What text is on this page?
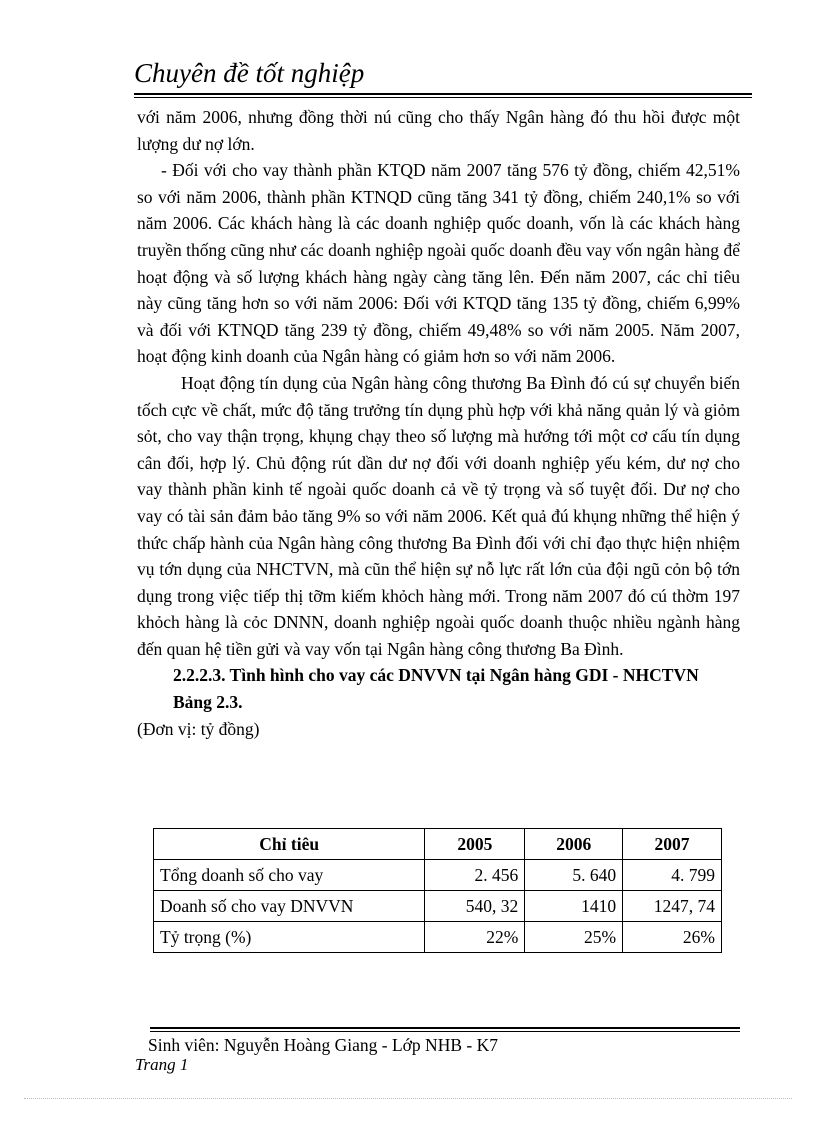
Chuyên đề tốt nghiệp

với năm 2006, nhưng đồng thời nú cũng cho thấy Ngân hàng đó thu hồi được một lượng dư nợ lớn.

- Đối với cho vay thành phần KTQD năm 2007 tăng 576 tỷ đồng, chiếm 42,51% so với năm 2006, thành phần KTNQD cũng tăng 341 tỷ đồng, chiếm 240,1% so với năm 2006. Các khách hàng là các doanh nghiệp quốc doanh, vốn là các khách hàng truyền thống cũng như các doanh nghiệp ngoài quốc doanh đều vay vốn ngân hàng để hoạt động và số lượng khách hàng ngày càng tăng lên. Đến năm 2007, các chỉ tiêu này cũng tăng hơn so với năm 2006: Đối với KTQD tăng 135 tỷ đồng, chiếm 6,99% và đối với KTNQD tăng 239 tỷ đồng, chiếm 49,48% so với năm 2005. Năm 2007, hoạt động kinh doanh của Ngân hàng có giảm hơn so với năm 2006.

Hoạt động tín dụng của Ngân hàng công thương Ba Đình đó cú sự chuyển biến tốch cực về chất, mức độ tăng trưởng tín dụng phù hợp với khả năng quản lý và giỏm sỏt, cho vay thận trọng, khụng chạy theo số lượng mà hướng tới một cơ cấu tín dụng cân đối, hợp lý. Chủ động rút dần dư nợ đối với doanh nghiệp yếu kém, dư nợ cho vay thành phần kinh tế ngoài quốc doanh cả về tỷ trọng và số tuyệt đối. Dư nợ cho vay có tài sản đảm bảo tăng 9% so với năm 2006. Kết quả đú khụng những thể hiện ý thức chấp hành của Ngân hàng công thương Ba Đình đối với chỉ đạo thực hiện nhiệm vụ tớn dụng của NHCTVN, mà cũn thể hiện sự nỗ lực rất lớn của đội ngũ cỏn bộ tớn dụng trong việc tiếp thị tỡm kiếm khỏch hàng mới. Trong năm 2007 đó cú thờm 197 khỏch hàng là cỏc DNNN, doanh nghiệp ngoài quốc doanh thuộc nhiều ngành hàng đến quan hệ tiền gửi và vay vốn tại Ngân hàng công thương Ba Đình.

2.2.2.3. Tình hình cho vay các DNVVN tại Ngân hàng GDI - NHCTVN

Bảng 2.3.

(Đơn vị: tỷ đồng)

Chỉ tiêu	2005	2006	2007
Tổng doanh số cho vay	2. 456	5. 640	4. 799
Doanh số cho vay DNVVN	540, 32	1410	1247, 74
Tỷ trọng (%)	22%	25%	26%
Sinh viên: Nguyễn Hoàng Giang - Lớp NHB - K7
Trang 1
